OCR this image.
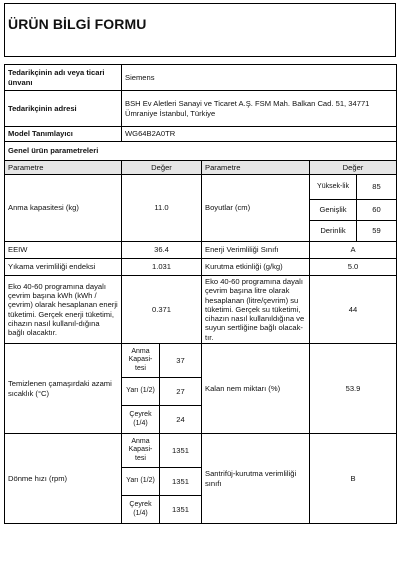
ÜRÜN BİLGİ FORMU
Tedarikçinin adı veya ticari ünvanı	Siemens
Tedarikçinin adresi	BSH Ev Aletleri Sanayi ve Ticaret A.Ş. FSM Mah. Balkan Cad. 51, 34771 Ümraniye İstanbul, Türkiye
Model Tanımlayıcı	WG64B2A0TR
Genel ürün parametreleri					
Parametre	Değer		Parametre	Değer	
Anma kapasitesi (kg)	11.0		Boyutlar (cm)	Yüksek-lik	85
				Genişlik	60
				Derinlik	59
EEIW	36.4		Enerji Verimliliği Sınıfı	A	
Yıkama verimliliği endeksi	1.031		Kurutma etkinliği (g/kg)	5.0	
Eko 40-60 programına dayalı çevrim başına kWh (kWh / çevrim) olarak hesaplanan enerji tüketimi. Gerçek enerji tüketimi, cihazın nasıl kullanıl-dığına bağlı olacaktır.	0.371		Eko 40-60 programına dayalı çevrim başına litre olarak hesaplanan (litre/çevrim) su tüketimi. Gerçek su tüketimi, cihazın nasıl kullanıldığına ve suyun sertliğine bağlı olacak-tır.	44	
Temizlenen çamaşırdaki azami sıcaklık (°C)	Anma Kapasi-tesi	37	Kalan nem miktarı (%)	53.9	
	Yarı (1/2)	27			
	Çeyrek (1/4)	24			
Dönme hızı (rpm)	Anma Kapasi-tesi	1351	Santrifüj-kurutma verimliliği sınıfı	B	
	Yarı (1/2)	1351			
	Çeyrek (1/4)	1351			
